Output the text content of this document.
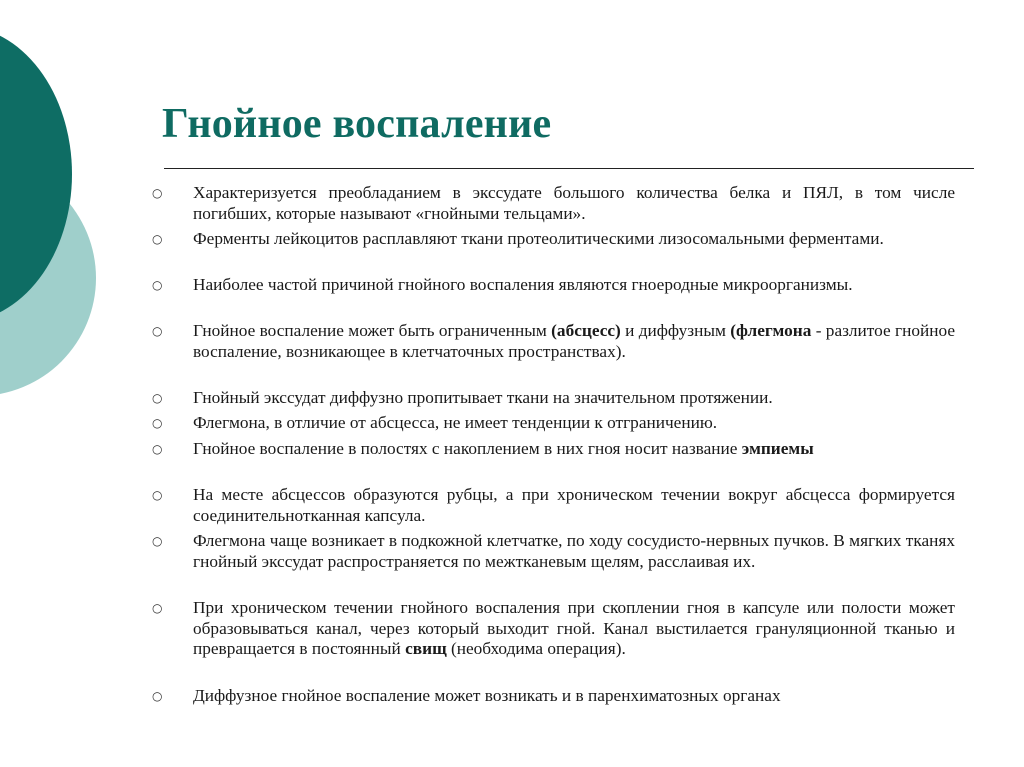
Гнойное воспаление
○ Характеризуется преобладанием в экссудате большого количества белка и ПЯЛ, в том числе погибших, которые называют «гнойными тельцами».
○ Ферменты лейкоцитов расплавляют ткани протеолитическими лизосомальными ферментами.
○ Наиболее частой причиной гнойного воспаления являются гноеродные микроорганизмы.
○ Гнойное воспаление может быть ограниченным (абсцесс) и диффузным (флегмона - разлитое гнойное воспаление, возникающее в клетчаточных пространствах).
○ Гнойный экссудат диффузно пропитывает ткани на значительном протяжении.
○ Флегмона, в отличие от абсцесса, не имеет тенденции к отграничению.
○ Гнойное воспаление в полостях с накоплением в них гноя носит название эмпиемы
○ На месте абсцессов образуются рубцы, а при хроническом течении вокруг абсцесса формируется соединительнотканная капсула.
○ Флегмона чаще возникает в подкожной клетчатке, по ходу сосудисто-нервных пучков. В мягких тканях гнойный экссудат распространяется по межтканевым щелям, расслаивая их.
○ При хроническом течении гнойного воспаления при скоплении гноя в капсуле или полости может образовываться канал, через который выходит гной. Канал выстилается грануляционной тканью и превращается в постоянный свищ (необходима операция).
○ Диффузное гнойное воспаление может возникать и в паренхиматозных органах
